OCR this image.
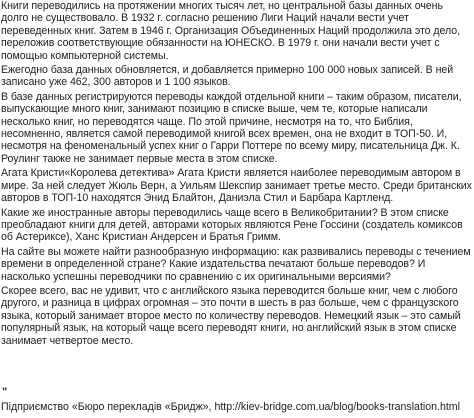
Книги переводились на протяжении многих тысяч лет, но центральной базы данных очень долго не существовало. В 1932 г. согласно решению Лиги Наций начали вести учет переведенных книг. Затем в 1946 г. Организация Объединенных Наций продолжила это дело, переложив соответствующие обязанности на ЮНЕСКО. В 1979 г. они начали вести учет с помощью компьютерной системы.

Ежегодно база данных обновляется, и добавляется примерно 100 000 новых записей. В ней записано уже 462, 300 авторов и 1 100 языков.

В базе данных регистрируются переводы каждой отдельной книги – таким образом, писатели, выпускающие много книг, занимают позицию в списке выше, чем те, которые написали несколько книг, но переводятся чаще. По этой причине, несмотря на то, что Библия, несомненно, является самой переводимой книгой всех времен, она не входит в ТОП-50. И, несмотря на феноменальный успех книг о Гарри Поттере по всему миру, писательница Дж. К. Роулинг также не занимает первые места в этом списке.

Агата Кристи«Королева детектива» Агата Кристи является наиболее переводимым автором в мире. За ней следует Жюль Верн, а Уильям Шекспир занимает третье место. Среди британских авторов в ТОП-10 находятся Энид Блайтон, Даниэла Стил и Барбара Картленд.

Какие же иностранные авторы переводились чаще всего в Великобритании? В этом списке преобладают книги для детей, авторами которых являются Рене Госсини (создатель комиксов об Астериксе), Ханс Кристиан Андерсен и Братья Гримм.

На сайте вы можете найти разнообразную информацию: как развивались переводы с течением времени в определенной стране? Какие издательства печатают больше переводов? И насколько успешны переводчики по сравнению с их оригинальными версиями?

Скорее всего, вас не удивит, что с английского языка переводится больше книг, чем с любого другого, и разница в цифрах огромная – это почти в шесть в раз больше, чем с французского языка, который занимает второе место по количеству переводов. Немецкий язык – это самый популярный язык, на который чаще всего переводят книги, но английский язык в этом списке занимает четвертое место.

"
Підприємство «Бюро перекладів «Бридж», http://kiev-bridge.com.ua/blog/books-translation.html
